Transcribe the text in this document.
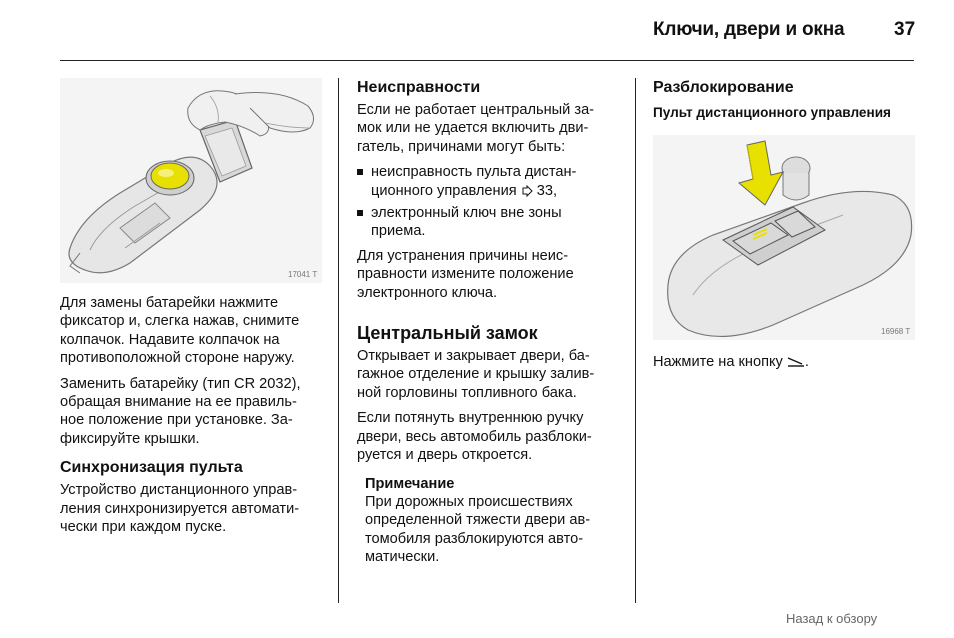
Ключи, двери и окна	37
17041 T

Для замены батарейки нажмите
фиксатор и, слегка нажав, снимите
колпачок. Надавите колпачок на
противоположной стороне наружу.

Заменить батарейку (тип CR 2032),
обращая внимание на ее правиль-
ное положение при установке. За-
фиксируйте крышки.

Синхронизация пульта

Устройство дистанционного управ-
ления синхронизируется автомати-
чески при каждом пуске.

Неисправности

Если не работает центральный за-
мок или не удается включить дви-
гатель, причинами могут быть:

неисправность пульта дистан-
ционного управления 33,
электронный ключ вне зоны
приема.

Для устранения причины неис-
правности измените положение
электронного ключа.

Центральный замок

Открывает и закрывает двери, ба-
гажное отделение и крышку залив-
ной горловины топливного бака.

Если потянуть внутреннюю ручку
двери, весь автомобиль разблоки-
руется и дверь откроется.

Примечание
При дорожных происшествиях
определенной тяжести двери ав-
томобиля разблокируются авто-
матически.
Разблокирование
Пульт дистанционного управления
16968 T
Нажмите на кнопку .
Назад к обзору
